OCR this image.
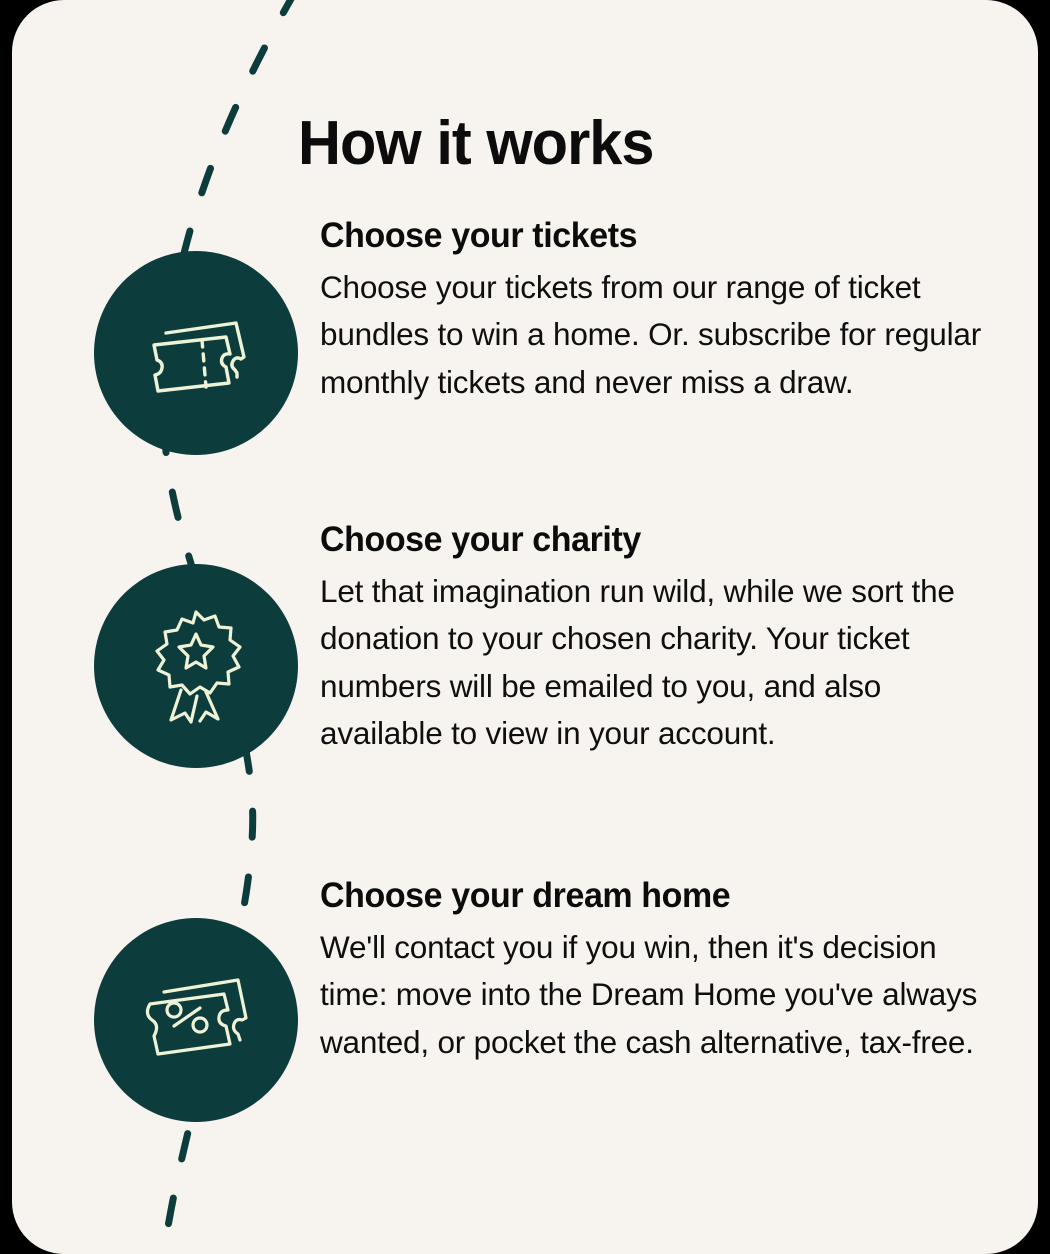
How it works
Choose your tickets
Choose your tickets from our range of ticket bundles to win a home. Or. subscribe for regular monthly tickets and never miss a draw.
Choose your charity
Let that imagination run wild, while we sort the donation to your chosen charity. Your ticket numbers will be emailed to you, and also available to view in your account.
Choose your dream home
We'll contact you if you win, then it's decision time: move into the Dream Home you've always wanted, or pocket the cash alternative, tax-free.
